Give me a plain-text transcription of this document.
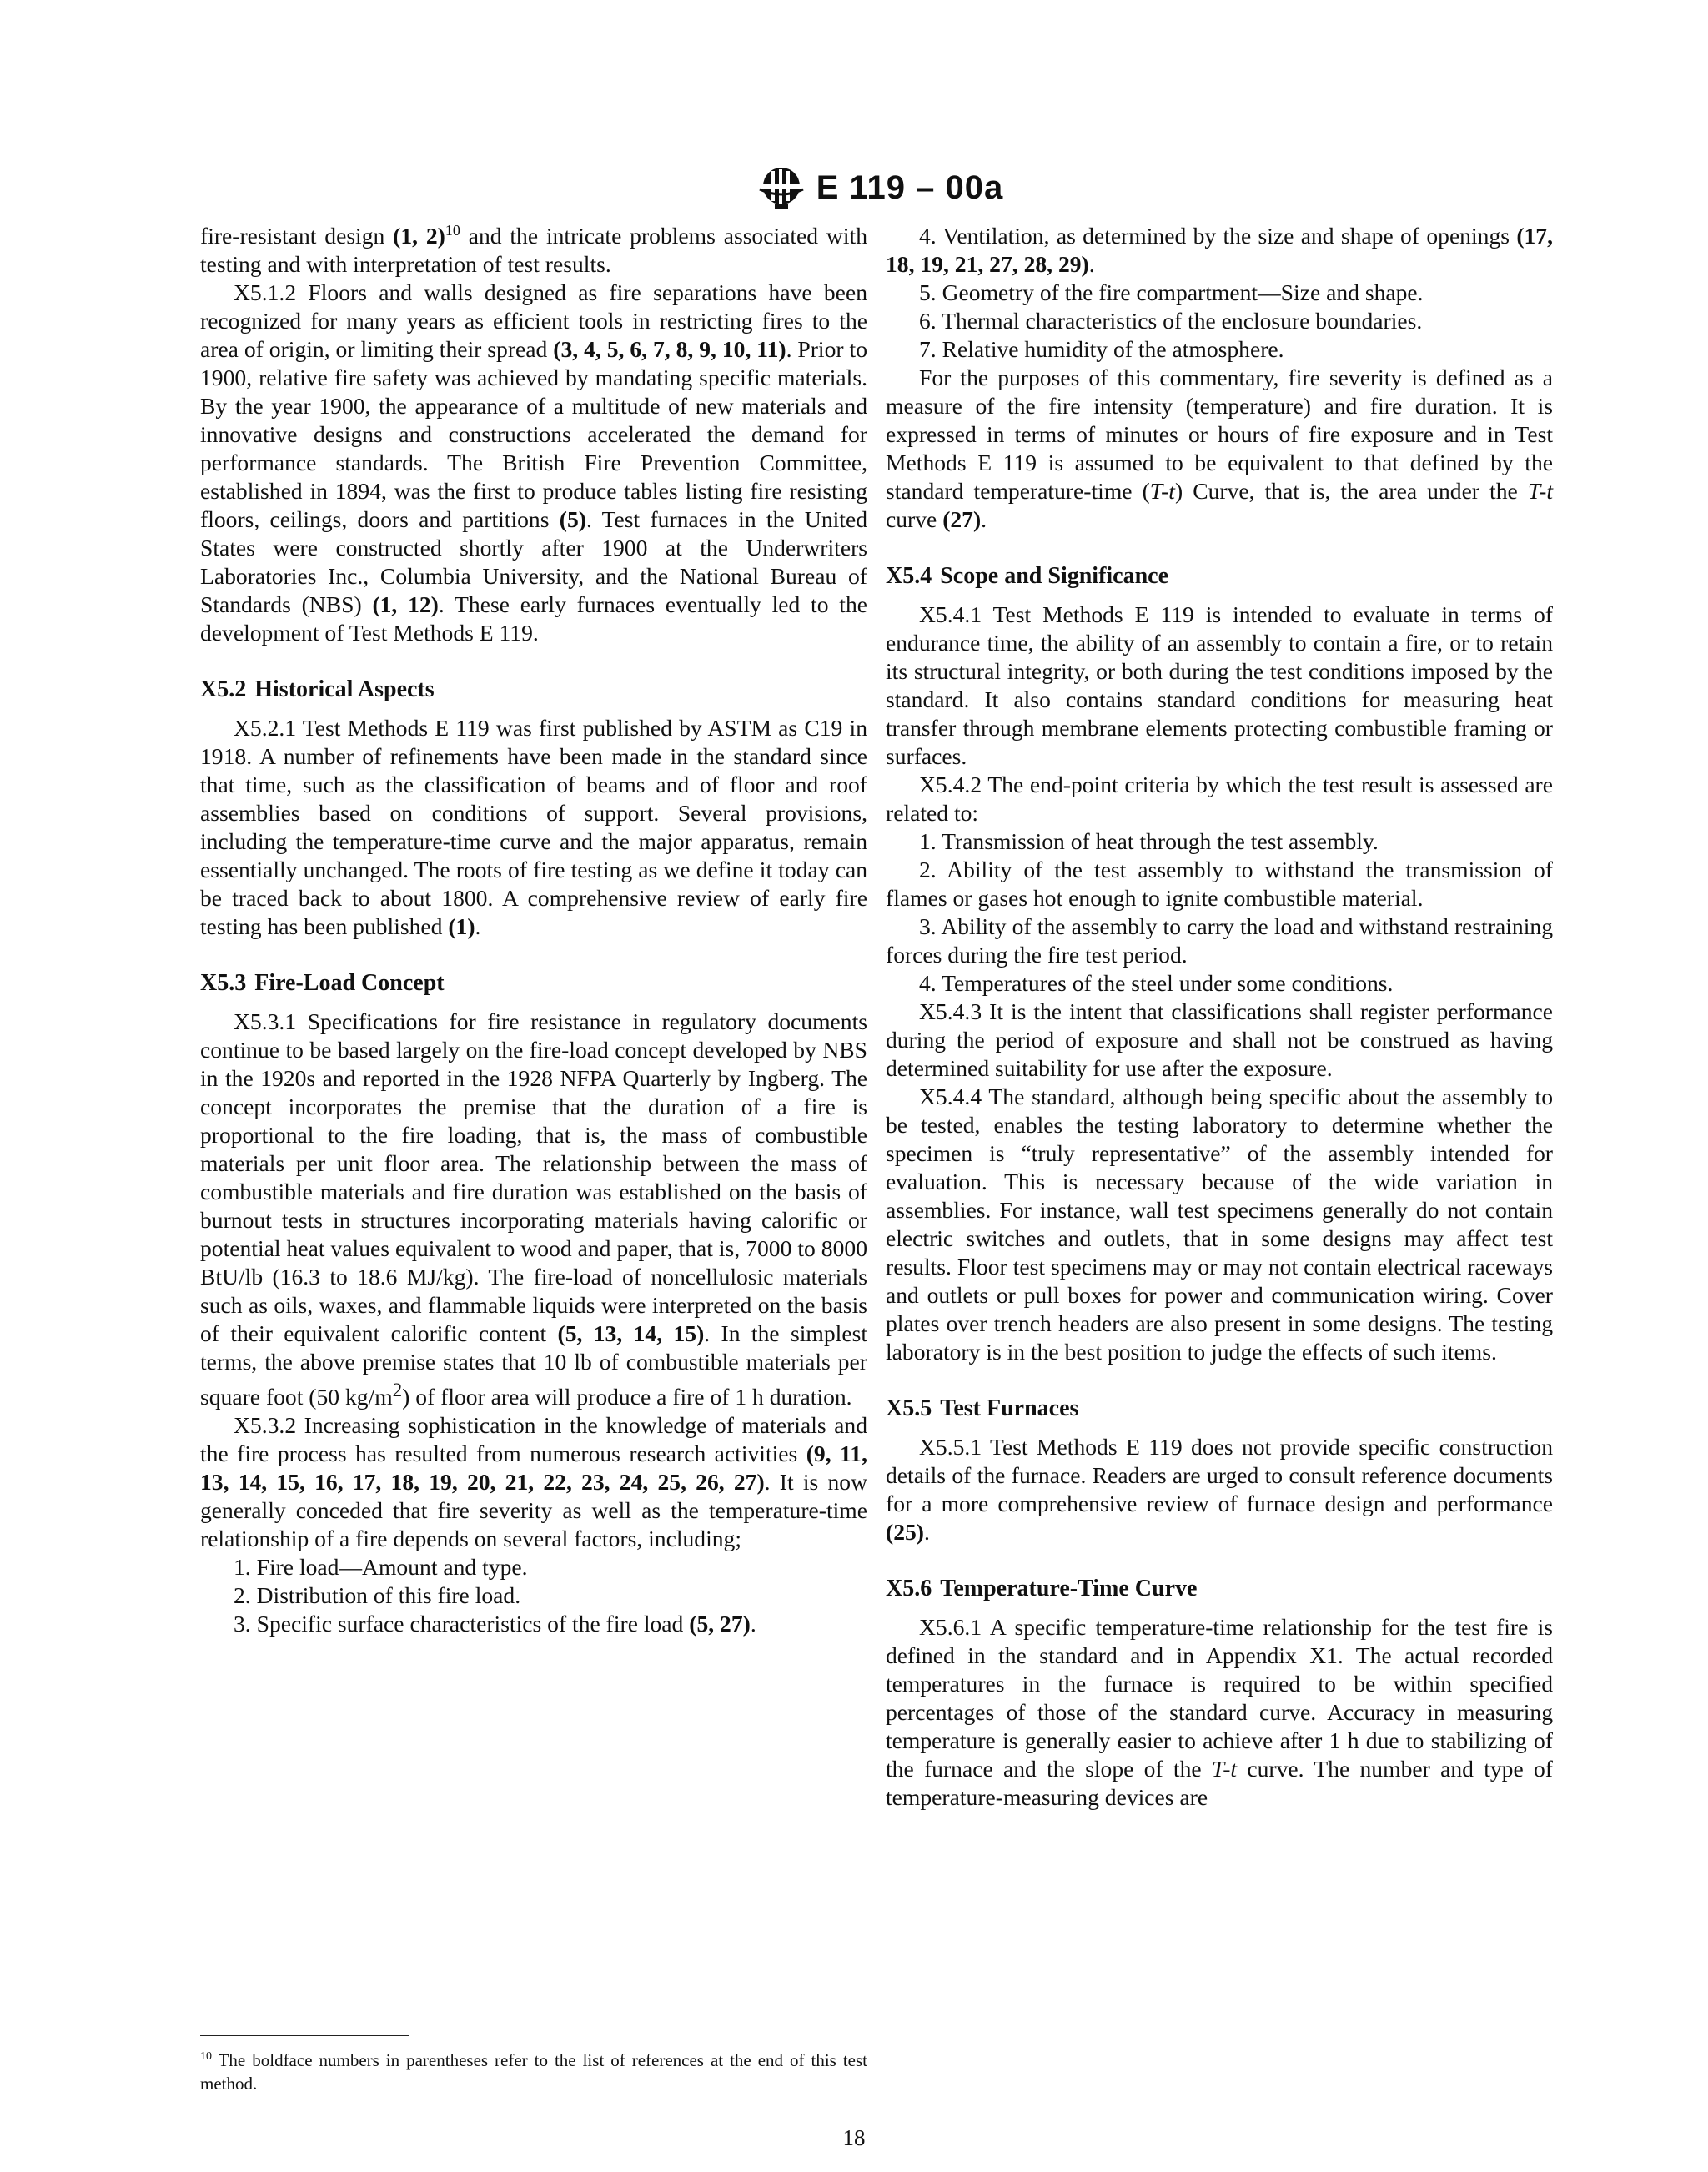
E 119 – 00a

fire-resistant design (1, 2)$^{10}$ and the intricate problems associated with testing and with interpretation of test results.

X5.1.2 Floors and walls designed as fire separations have been recognized for many years as efficient tools in restricting fires to the area of origin, or limiting their spread (3, 4, 5, 6, 7, 8, 9, 10, 11). Prior to 1900, relative fire safety was achieved by mandating specific materials. By the year 1900, the appearance of a multitude of new materials and innovative designs and constructions accelerated the demand for performance standards. The British Fire Prevention Committee, established in 1894, was the first to produce tables listing fire resisting floors, ceilings, doors and partitions (5). Test furnaces in the United States were constructed shortly after 1900 at the Underwriters Laboratories Inc., Columbia University, and the National Bureau of Standards (NBS) (1, 12). These early furnaces eventually led to the development of Test Methods E 119.

X5.2 Historical Aspects

X5.2.1 Test Methods E 119 was first published by ASTM as C19 in 1918. A number of refinements have been made in the standard since that time, such as the classification of beams and of floor and roof assemblies based on conditions of support. Several provisions, including the temperature-time curve and the major apparatus, remain essentially unchanged. The roots of fire testing as we define it today can be traced back to about 1800. A comprehensive review of early fire testing has been published (1).

X5.3 Fire-Load Concept

X5.3.1 Specifications for fire resistance in regulatory documents continue to be based largely on the fire-load concept developed by NBS in the 1920s and reported in the 1928 NFPA Quarterly by Ingberg. The concept incorporates the premise that the duration of a fire is proportional to the fire loading, that is, the mass of combustible materials per unit floor area. The relationship between the mass of combustible materials and fire duration was established on the basis of burnout tests in structures incorporating materials having calorific or potential heat values equivalent to wood and paper, that is, 7000 to 8000 BtU/lb (16.3 to 18.6 MJ/kg). The fire-load of noncellulosic materials such as oils, waxes, and flammable liquids were interpreted on the basis of their equivalent calorific content (5, 13, 14, 15). In the simplest terms, the above premise states that 10 lb of combustible materials per square foot (50 $kg/m^2$) of floor area will produce a fire of 1 h duration.

X5.3.2 Increasing sophistication in the knowledge of materials and the fire process has resulted from numerous research activities (9, 11, 13, 14, 15, 16, 17, 18, 19, 20, 21, 22, 23, 24, 25, 26, 27). It is now generally conceded that fire severity as well as the temperature-time relationship of a fire depends on several factors, including;

1. Fire load—Amount and type.

2. Distribution of this fire load.

3. Specific surface characteristics of the fire load (5, 27).

4. Ventilation, as determined by the size and shape of openings (17, 18, 19, 21, 27, 28, 29).

5. Geometry of the fire compartment—Size and shape.

6. Thermal characteristics of the enclosure boundaries.

7. Relative humidity of the atmosphere.

For the purposes of this commentary, fire severity is defined as a measure of the fire intensity (temperature) and fire duration. It is expressed in terms of minutes or hours of fire exposure and in Test Methods E 119 is assumed to be equivalent to that defined by the standard temperature-time (T-t) Curve, that is, the area under the T-t curve (27).

X5.4 Scope and Significance

X5.4.1 Test Methods E 119 is intended to evaluate in terms of endurance time, the ability of an assembly to contain a fire, or to retain its structural integrity, or both during the test conditions imposed by the standard. It also contains standard conditions for measuring heat transfer through membrane elements protecting combustible framing or surfaces.

X5.4.2 The end-point criteria by which the test result is assessed are related to:

1. Transmission of heat through the test assembly.

2. Ability of the test assembly to withstand the transmission of flames or gases hot enough to ignite combustible material.

3. Ability of the assembly to carry the load and withstand restraining forces during the fire test period.

4. Temperatures of the steel under some conditions.

X5.4.3 It is the intent that classifications shall register performance during the period of exposure and shall not be construed as having determined suitability for use after the exposure.

X5.4.4 The standard, although being specific about the assembly to be tested, enables the testing laboratory to determine whether the specimen is “truly representative” of the assembly intended for evaluation. This is necessary because of the wide variation in assemblies. For instance, wall test specimens generally do not contain electric switches and outlets, that in some designs may affect test results. Floor test specimens may or may not contain electrical raceways and outlets or pull boxes for power and communication wiring. Cover plates over trench headers are also present in some designs. The testing laboratory is in the best position to judge the effects of such items.

X5.5 Test Furnaces

X5.5.1 Test Methods E 119 does not provide specific construction details of the furnace. Readers are urged to consult reference documents for a more comprehensive review of furnace design and performance (25).

X5.6 Temperature-Time Curve

X5.6.1 A specific temperature-time relationship for the test fire is defined in the standard and in Appendix X1. The actual recorded temperatures in the furnace is required to be within specified percentages of those of the standard curve. Accuracy in measuring temperature is generally easier to achieve after 1 h due to stabilizing of the furnace and the slope of the T-t curve. The number and type of temperature-measuring devices are

$^{10}$ The boldface numbers in parentheses refer to the list of references at the end of this test method.
18
